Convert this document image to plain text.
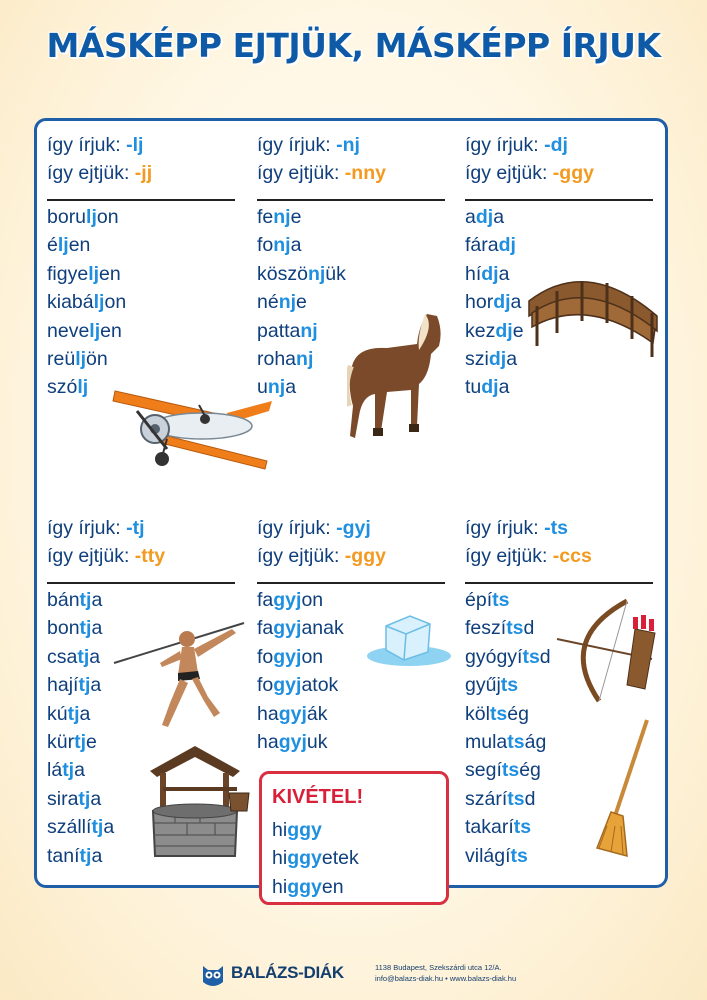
MÁSKÉPP EJTJÜK, MÁSKÉPP ÍRJUK
így írjuk: -ts
így ejtjük: -ccs
építs
feszítsd
gyógyítsd
gyűjts
költség
mulatság
segítség
szárítsd
takaríts
világíts
így írjuk: -gyj
így ejtjük: -ggy
fagyjon
fagyjanak
fogyjon
fogyjatok
hagyják
hagyjuk
így írjuk: -tj
így ejtjük: -tty
bántja
bontja
csatja
hajítja
kútja
kürtje
látja
siratja
szállítja
tanítja
így írjuk: -dj
így ejtjük: -ggy
adja
fáradj
hídja
hordja
kezdje
szidja
tudja
így írjuk: -nj
így ejtjük: -nny
fenje
fonja
köszönjük
nénje
pattanj
rohanj
unja
így írjuk: -lj
így ejtjük: -jj
boruljon
éljen
figyeljen
kiabáljon
neveljen
reüljön
szólj
KIVÉTEL!
higgy
higgyetek
higgyen
BALÁZS-DIÁK	1138 Budapest, Szekszárdi utca 12/A.
info@balazs-diak.hu • www.balazs-diak.hu
